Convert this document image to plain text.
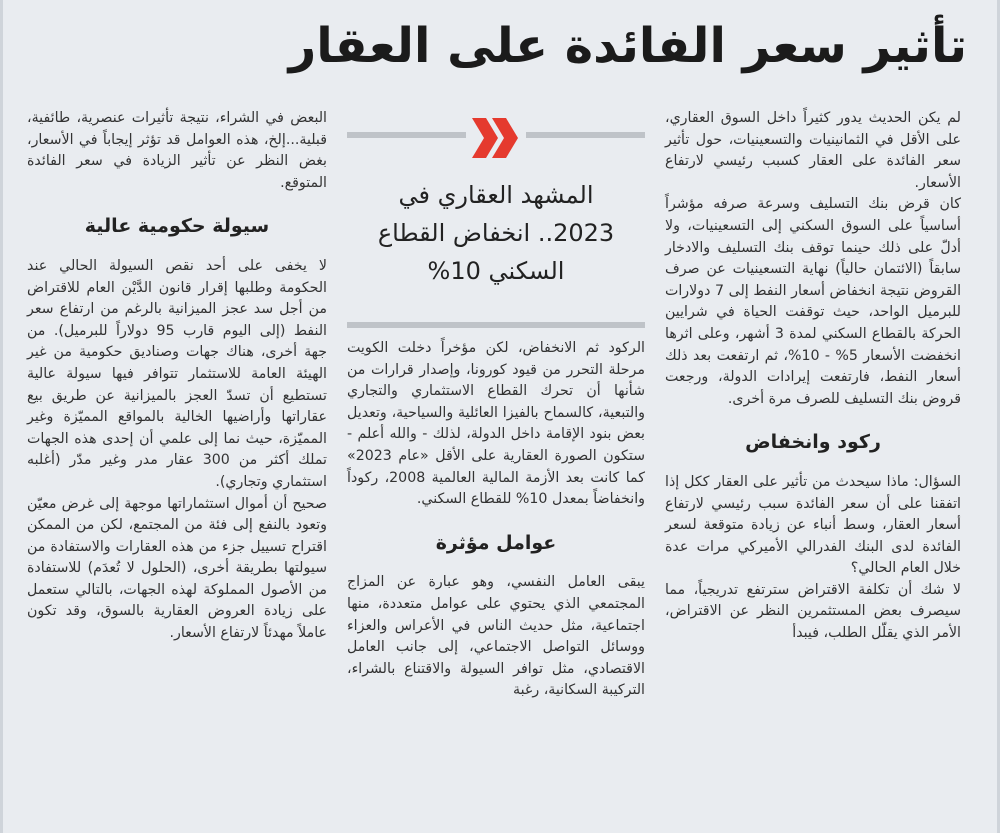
تأثير سعر الفائدة على العقار

لم يكن الحديث يدور كثيراً داخل السوق العقاري، على الأقل في الثمانينيات والتسعينيات، حول تأثير سعر الفائدة على العقار كسبب رئيسي لارتفاع الأسعار.

كان قرض بنك التسليف وسرعة صرفه مؤشراً أساسياً على السوق السكني إلى التسعينيات، ولا أدلّ على ذلك حينما توقف بنك التسليف والادخار سابقاً (الائتمان حالياً) نهاية التسعينيات عن صرف القروض نتيجة انخفاض أسعار النفط إلى 7 دولارات للبرميل الواحد، حيث توقفت الحياة في شرايين الحركة بالقطاع السكني لمدة 3 أشهر، وعلى اثرها انخفضت الأسعار 5% - 10%، ثم ارتفعت بعد ذلك أسعار النفط، فارتفعت إيرادات الدولة، ورجعت قروض بنك التسليف للصرف مرة أخرى.

ركود وانخفاض

السؤال: ماذا سيحدث من تأثير على العقار ككل إذا اتفقنا على أن سعر الفائدة سبب رئيسي لارتفاع أسعار العقار، وسط أنباء عن زيادة متوقعة لسعر الفائدة لدى البنك الفدرالي الأميركي مرات عدة خلال العام الحالي؟

لا شك أن تكلفة الاقتراض سترتفع تدريجياً، مما سيصرف بعض المستثمرين النظر عن الاقتراض، الأمر الذي يقلّل الطلب، فيبدأ

المشهد العقاري في 2023.. انخفاض القطاع السكني 10%

الركود ثم الانخفاض، لكن مؤخراً دخلت الكويت مرحلة التحرر من قيود كورونا، وإصدار قرارات من شأنها أن تحرك القطاع الاستثماري والتجاري والتبعية، كالسماح بالفيزا العائلية والسياحية، وتعديل بعض بنود الإقامة داخل الدولة، لذلك - والله أعلم - ستكون الصورة العقارية على الأقل «عام 2023» كما كانت بعد الأزمة المالية العالمية 2008، ركوداً وانخفاضاً بمعدل 10% للقطاع السكني.

عوامل مؤثرة

يبقى العامل النفسي، وهو عبارة عن المزاج المجتمعي الذي يحتوي على عوامل متعددة، منها اجتماعية، مثل حديث الناس في الأعراس والعزاء ووسائل التواصل الاجتماعي، إلى جانب العامل الاقتصادي، مثل توافر السيولة والاقتناع بالشراء، التركيبة السكانية، رغبة

البعض في الشراء، نتيجة تأثيرات عنصرية، طائفية، قبلية...إلخ، هذه العوامل قد تؤثر إيجاباً في الأسعار، بغض النظر عن تأثير الزيادة في سعر الفائدة المتوقع.

سيولة حكومية عالية

لا يخفى على أحد نقص السيولة الحالي عند الحكومة وطلبها إقرار قانون الدَّيْن العام للاقتراض من أجل سد عجز الميزانية بالرغم من ارتفاع سعر النفط (إلى اليوم قارب 95 دولاراً للبرميل). من جهة أخرى، هناك جهات وصناديق حكومية من غير الهيئة العامة للاستثمار تتوافر فيها سيولة عالية تستطيع أن تسدّ العجز بالميزانية عن طريق بيع عقاراتها وأراضيها الخالية بالمواقع المميّزة وغير المميّزة، حيث نما إلى علمي أن إحدى هذه الجهات تملك أكثر من 300 عقار مدر وغير مدّر (أغلبه استثماري وتجاري).

صحيح أن أموال استثماراتها موجهة إلى غرض معيّن وتعود بالنفع إلى فئة من المجتمع، لكن من الممكن اقتراح تسييل جزء من هذه العقارات والاستفادة من سيولتها بطريقة أخرى، (الحلول لا تُعدَم) للاستفادة من الأصول المملوكة لهذه الجهات، بالتالي ستعمل على زيادة العروض العقارية بالسوق، وقد تكون عاملاً مهدئاً لارتفاع الأسعار.
